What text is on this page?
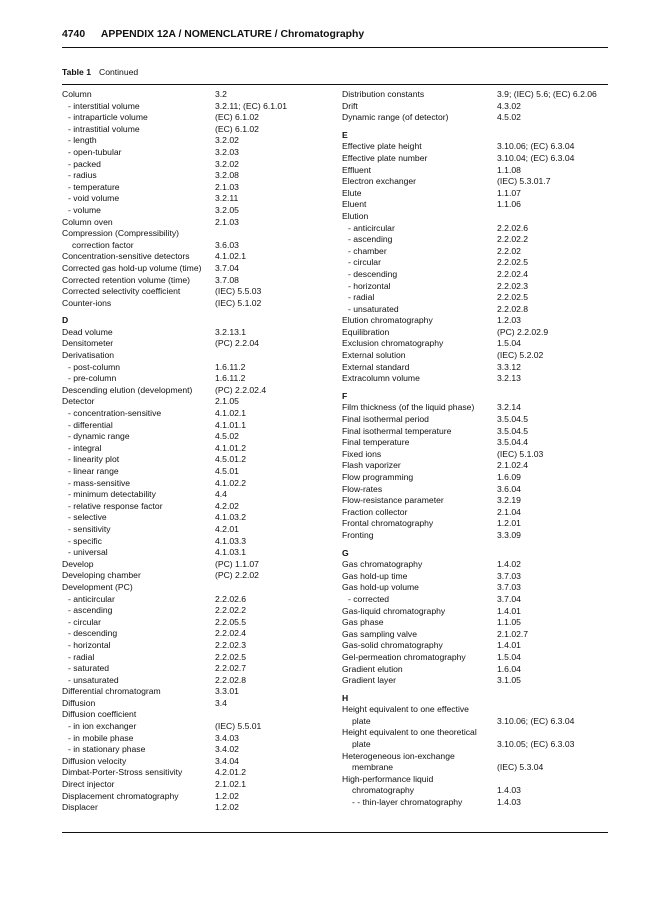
4740 APPENDIX 12A / NOMENCLATURE / Chromatography
Table 1 Continued
Column	3.2
- interstitial volume	3.2.11; (EC) 6.1.01
- intraparticle volume	(EC) 6.1.02
- intrastitial volume	(EC) 6.1.02
- length	3.2.02
- open-tubular	3.2.03
- packed	3.2.02
- radius	3.2.08
- temperature	2.1.03
- void volume	3.2.11
- volume	3.2.05
Column oven	2.1.03
Compression (Compressibility)
correction factor	3.6.03
Concentration-sensitive detectors	4.1.02.1
Corrected gas hold-up volume (time) 3.7.04
Corrected retention volume (time)	3.7.08
Corrected selectivity coefficient	(IEC) 5.5.03
Counter-ions	(IEC) 5.1.02
D
Dead volume	3.2.13.1
Densitometer	(PC) 2.2.04
Derivatisation
- post-column	1.6.11.2
- pre-column	1.6.11.2
Descending elution (development)	(PC) 2.2.02.4
Detector	2.1.05
- concentration-sensitive	4.1.02.1
- differential	4.1.01.1
- dynamic range	4.5.02
- integral	4.1.01.2
- linearity plot	4.5.01.2
- linear range	4.5.01
- mass-sensitive	4.1.02.2
- minimum detectability	4.4
- relative response factor	4.2.02
- selective	4.1.03.2
- sensitivity	4.2.01
- specific	4.1.03.3
- universal	4.1.03.1
Develop	(PC) 1.1.07
Developing chamber	(PC) 2.2.02
Development (PC)
- anticircular	2.2.02.6
- ascending	2.2.02.2
- circular	2.2.05.5
- descending	2.2.02.4
- horizontal	2.2.02.3
- radial	2.2.02.5
- saturated	2.2.02.7
- unsaturated	2.2.02.8
Differential chromatogram	3.3.01
Diffusion	3.4
Diffusion coefficient
- in ion exchanger	(IEC) 5.5.01
- in mobile phase	3.4.03
- in stationary phase	3.4.02
Diffusion velocity	3.4.04
Dimbat-Porter-Stross sensitivity	4.2.01.2
Direct injector	2.1.02.1
Displacement chromatography	1.2.02
Displacer	1.2.02
Distribution constants	3.9; (IEC) 5.6; (EC) 6.2.06
Drift	4.3.02
Dynamic range (of detector)	4.5.02
E
Effective plate height	3.10.06; (EC) 6.3.04
Effective plate number	3.10.04; (EC) 6.3.04
Effluent	1.1.08
Electron exchanger	(IEC) 5.3.01.7
Elute	1.1.07
Eluent	1.1.06
Elution
- anticircular	2.2.02.6
- ascending	2.2.02.2
- chamber	2.2.02
- circular	2.2.02.5
- descending	2.2.02.4
- horizontal	2.2.02.3
- radial	2.2.02.5
- unsaturated	2.2.02.8
Elution chromatography	1.2.03
Equilibration	(PC) 2.2.02.9
Exclusion chromatography	1.5.04
External solution	(IEC) 5.2.02
External standard	3.3.12
Extracolumn volume	3.2.13
F
Film thickness (of the liquid phase)	3.2.14
Final isothermal period	3.5.04.5
Final isothermal temperature	3.5.04.5
Final temperature	3.5.04.4
Fixed ions	(IEC) 5.1.03
Flash vaporizer	2.1.02.4
Flow programming	1.6.09
Flow-rates	3.6.04
Flow-resistance parameter	3.2.19
Fraction collector	2.1.04
Frontal chromatography	1.2.01
Fronting	3.3.09
G
Gas chromatography	1.4.02
Gas hold-up time	3.7.03
Gas hold-up volume	3.7.03
- corrected	3.7.04
Gas-liquid chromatography	1.4.01
Gas phase	1.1.05
Gas sampling valve	2.1.02.7
Gas-solid chromatography	1.4.01
Gel-permeation chromatography	1.5.04
Gradient elution	1.6.04
Gradient layer	3.1.05
H
Height equivalent to one effective
plate	3.10.06; (EC) 6.3.04
Height equivalent to one theoretical
plate	3.10.05; (EC) 6.3.03
Heterogeneous ion-exchange
membrane	(IEC) 5.3.04
High-performance liquid
chromatography	1.4.03
- - thin-layer chromatography	1.4.03
